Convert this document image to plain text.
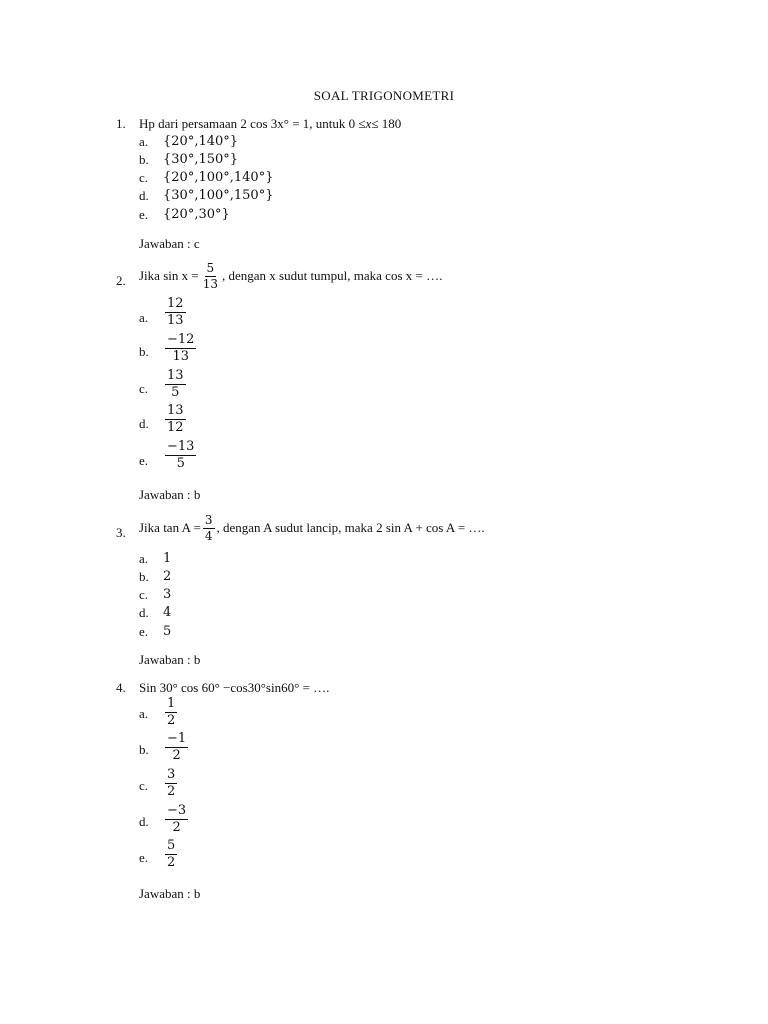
SOAL TRIGONOMETRI
1. Hp dari persamaan 2 cos 3x° = 1, untuk 0 ≤ x ≤ 180
a. {20°,140°}
b. {30°,150°}
c. {20°,100°,140°}
d. {30°,100°,150°}
e. {20°,30°}
Jawaban : c
2. Jika $\sin x = \frac{5}{13}$ , dengan x sudut tumpul, maka cos x = ….
a. $\frac{12}{13}$
b. $\frac{-12}{13}$
c. $\frac{13}{5}$
d. $\frac{13}{12}$
e. $\frac{-13}{5}$
Jawaban : b
3. Jika $\tan A = \frac{3}{4}$ , dengan A sudut lancip, maka 2 sin A + cos A = ….
a. 1
b. 2
c. 3
d. 4
e. 5
Jawaban : b
4. Sin 30° cos 60° −cos30°sin60° = ….
a. $\frac{1}{2}$
b. $\frac{-1}{2}$
c. $\frac{3}{2}$
d. $\frac{-3}{2}$
e. $\frac{5}{2}$
Jawaban : b
